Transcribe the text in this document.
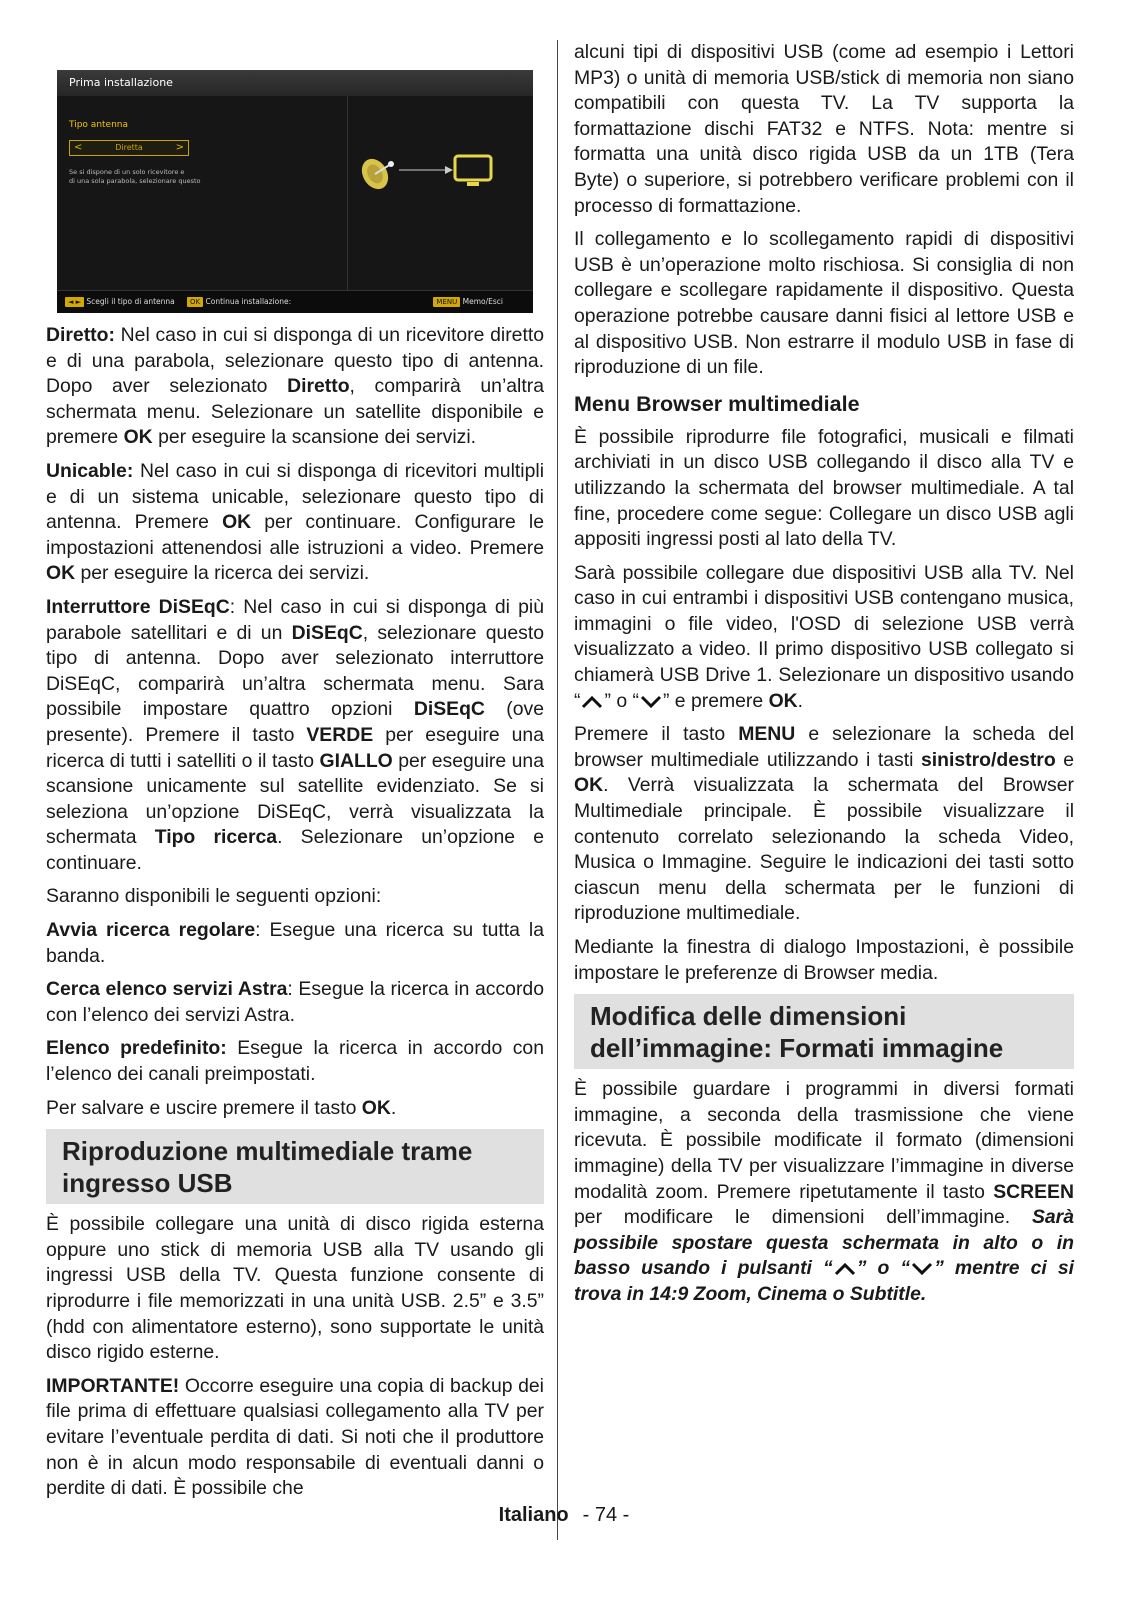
Prima installazione
Tipo antenna
<	Diretta	>
Se si dispone di un solo ricevitore e
di una sola parabola, selezionare questo
◄ ► Scegli il tipo di antenna	OK Continua installazione:	MENU Memo/Esci

Diretto: Nel caso in cui si disponga di un ricevitore diretto e di una parabola, selezionare questo tipo di antenna. Dopo aver selezionato Diretto, comparirà un’altra schermata menu. Selezionare un satellite disponibile e premere OK per eseguire la scansione dei servizi.

Unicable: Nel caso in cui si disponga di ricevitori multipli e di un sistema unicable, selezionare questo tipo di antenna. Premere OK per continuare. Configurare le impostazioni attenendosi alle istruzioni a video. Premere OK per eseguire la ricerca dei servizi.

Interruttore DiSEqC: Nel caso in cui si disponga di più parabole satellitari e di un DiSEqC, selezionare questo tipo di antenna. Dopo aver selezionato interruttore DiSEqC, comparirà un’altra schermata menu. Sara possibile impostare quattro opzioni DiSEqC (ove presente). Premere il tasto VERDE per eseguire una ricerca di tutti i satelliti o il tasto GIALLO per eseguire una scansione unicamente sul satellite evidenziato. Se si seleziona un’opzione DiSEqC, verrà visualizzata la schermata Tipo ricerca. Selezionare un’opzione e continuare.

Saranno disponibili le seguenti opzioni:

Avvia ricerca regolare: Esegue una ricerca su tutta la banda.

Cerca elenco servizi Astra: Esegue la ricerca in accordo con l’elenco dei servizi Astra.

Elenco predefinito: Esegue la ricerca in accordo con l’elenco dei canali preimpostati.

Per salvare e uscire premere il tasto OK.

Riproduzione multimediale trame
ingresso USB

È possibile collegare una unità di disco rigida esterna oppure uno stick di memoria USB alla TV usando gli ingressi USB della TV. Questa funzione consente di riprodurre i file memorizzati in una unità USB. 2.5” e 3.5” (hdd con alimentatore esterno), sono supportate le unità disco rigido esterne.

IMPORTANTE! Occorre eseguire una copia di backup dei file prima di effettuare qualsiasi collegamento alla TV per evitare l’eventuale perdita di dati. Si noti che il produttore non è in alcun modo responsabile di eventuali danni o perdite di dati. È possibile che

alcuni tipi di dispositivi USB (come ad esempio i Lettori MP3) o unità di memoria USB/stick di memoria non siano compatibili con questa TV. La TV supporta la formattazione dischi FAT32 e NTFS. Nota: mentre si formatta una unità disco rigida USB da un 1TB (Tera Byte) o superiore, si potrebbero verificare problemi con il processo di formattazione.

Il collegamento e lo scollegamento rapidi di dispositivi USB è un’operazione molto rischiosa. Si consiglia di non collegare e scollegare rapidamente il dispositivo. Questa operazione potrebbe causare danni fisici al lettore USB e al dispositivo USB. Non estrarre il modulo USB in fase di riproduzione di un file.

Menu Browser multimediale

È possibile riprodurre file fotografici, musicali e filmati archiviati in un disco USB collegando il disco alla TV e utilizzando la schermata del browser multimediale. A tal fine, procedere come segue: Collegare un disco USB agli appositi ingressi posti al lato della TV.

Sarà possibile collegare due dispositivi USB alla TV. Nel caso in cui entrambi i dispositivi USB contengano musica, immagini o file video, l'OSD di selezione USB verrà visualizzato a video. Il primo dispositivo USB collegato si chiamerà USB Drive 1. Selezionare un dispositivo usando “ ” o “ ” e premere OK.

Premere il tasto MENU e selezionare la scheda del browser multimediale utilizzando i tasti sinistro/destro e OK. Verrà visualizzata la schermata del Browser Multimediale principale. È possibile visualizzare il contenuto correlato selezionando la scheda Video, Musica o Immagine. Seguire le indicazioni dei tasti sotto ciascun menu della schermata per le funzioni di riproduzione multimediale.

Mediante la finestra di dialogo Impostazioni, è possibile impostare le preferenze di Browser media.

Modifica delle dimensioni
dell’immagine: Formati immagine

È possibile guardare i programmi in diversi formati immagine, a seconda della trasmissione che viene ricevuta. È possibile modificate il formato (dimensioni immagine) della TV per visualizzare l’immagine in diverse modalità zoom. Premere ripetutamente il tasto SCREEN per modificare le dimensioni dell’immagine. Sarà possibile spostare questa schermata in alto o in basso usando i pulsanti “ ” o “ ” mentre ci si trova in 14:9 Zoom, Cinema o Subtitle.

Italiano - 74 -
